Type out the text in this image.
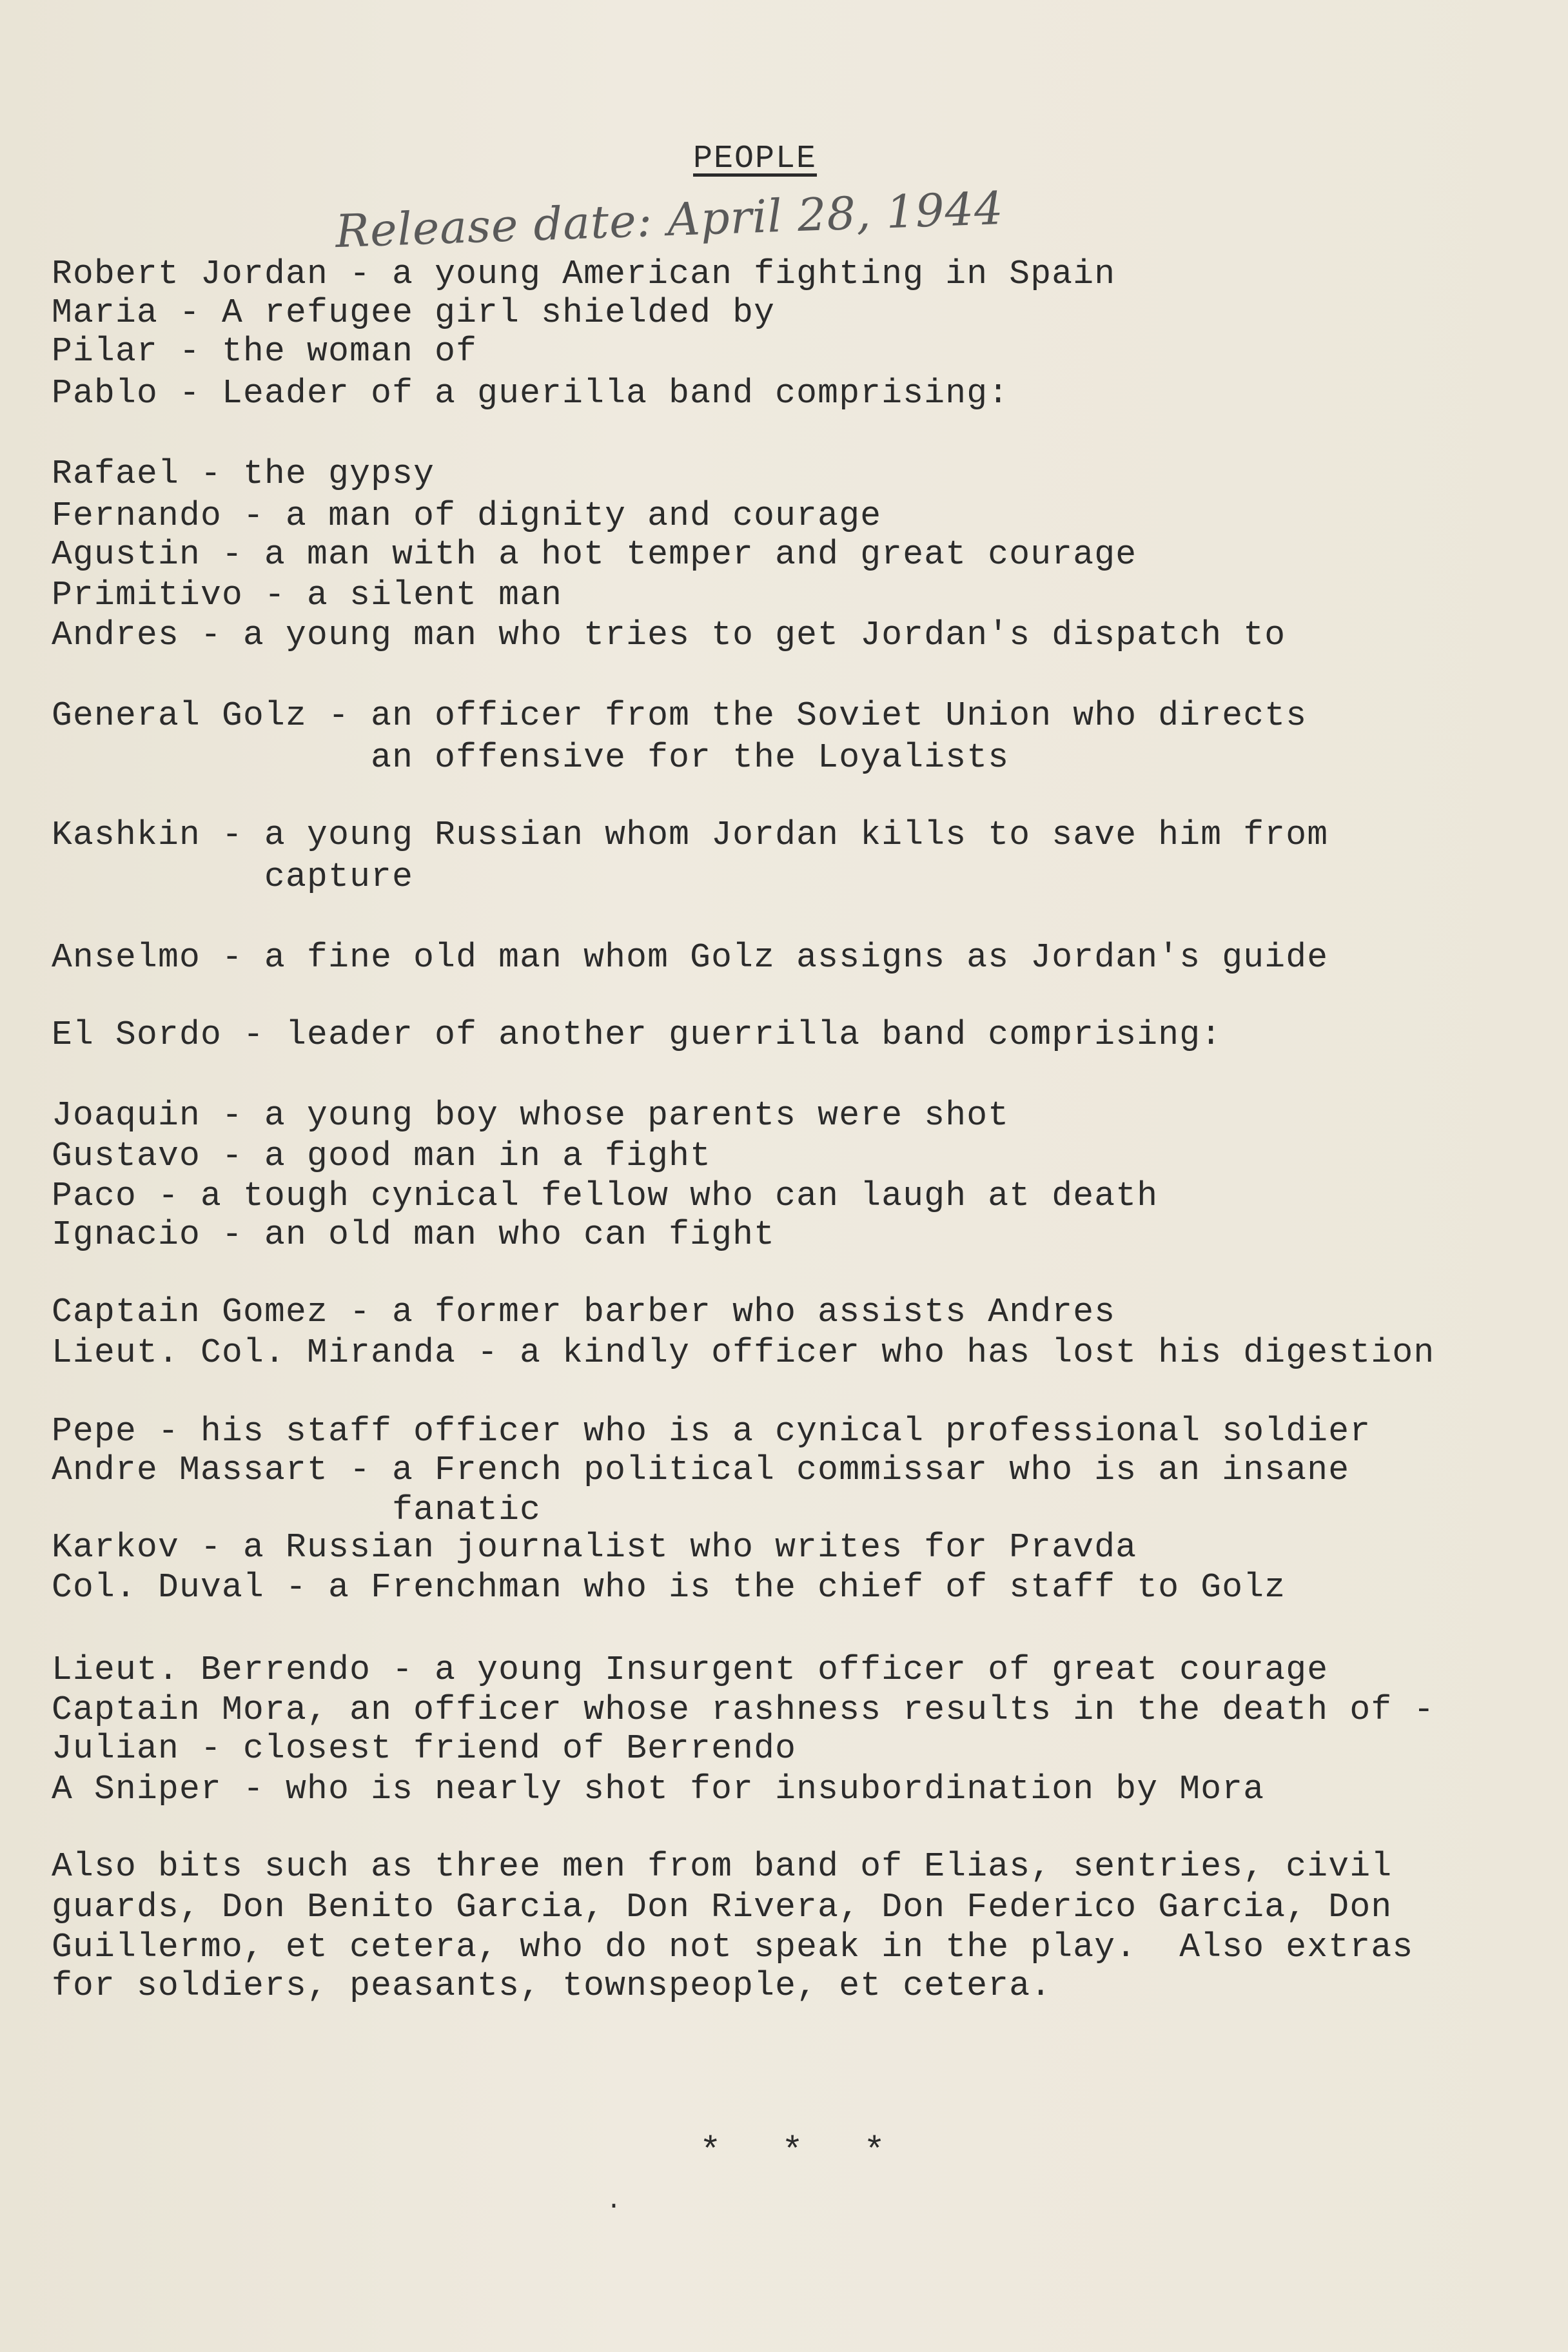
PEOPLE
Release date: April 28, 1944
Robert Jordan - a young American fighting in Spain
Maria - A refugee girl shielded by
Pilar - the woman of
Pablo - Leader of a guerilla band comprising:
Rafael - the gypsy
Fernando - a man of dignity and courage
Agustin - a man with a hot temper and great courage
Primitivo - a silent man
Andres - a young man who tries to get Jordan's dispatch to
General Golz - an officer from the Soviet Union who directs
an offensive for the Loyalists
Kashkin - a young Russian whom Jordan kills to save him from
capture
Anselmo - a fine old man whom Golz assigns as Jordan's guide
El Sordo - leader of another guerrilla band comprising:
Joaquin - a young boy whose parents were shot
Gustavo - a good man in a fight
Paco - a tough cynical fellow who can laugh at death
Ignacio - an old man who can fight
Captain Gomez - a former barber who assists Andres
Lieut. Col. Miranda - a kindly officer who has lost his digestion
Pepe - his staff officer who is a cynical professional soldier
Andre Massart - a French political commissar who is an insane
fanatic
Karkov - a Russian journalist who writes for Pravda
Col. Duval - a Frenchman who is the chief of staff to Golz
Lieut. Berrendo - a young Insurgent officer of great courage
Captain Mora, an officer whose rashness results in the death of -
Julian - closest friend of Berrendo
A Sniper - who is nearly shot for insubordination by Mora
Also bits such as three men from band of Elias, sentries, civil
guards, Don Benito Garcia, Don Rivera, Don Federico Garcia, Don
Guillermo, et cetera, who do not speak in the play.  Also extras
for soldiers, peasants, townspeople, et cetera.
* * *
·
